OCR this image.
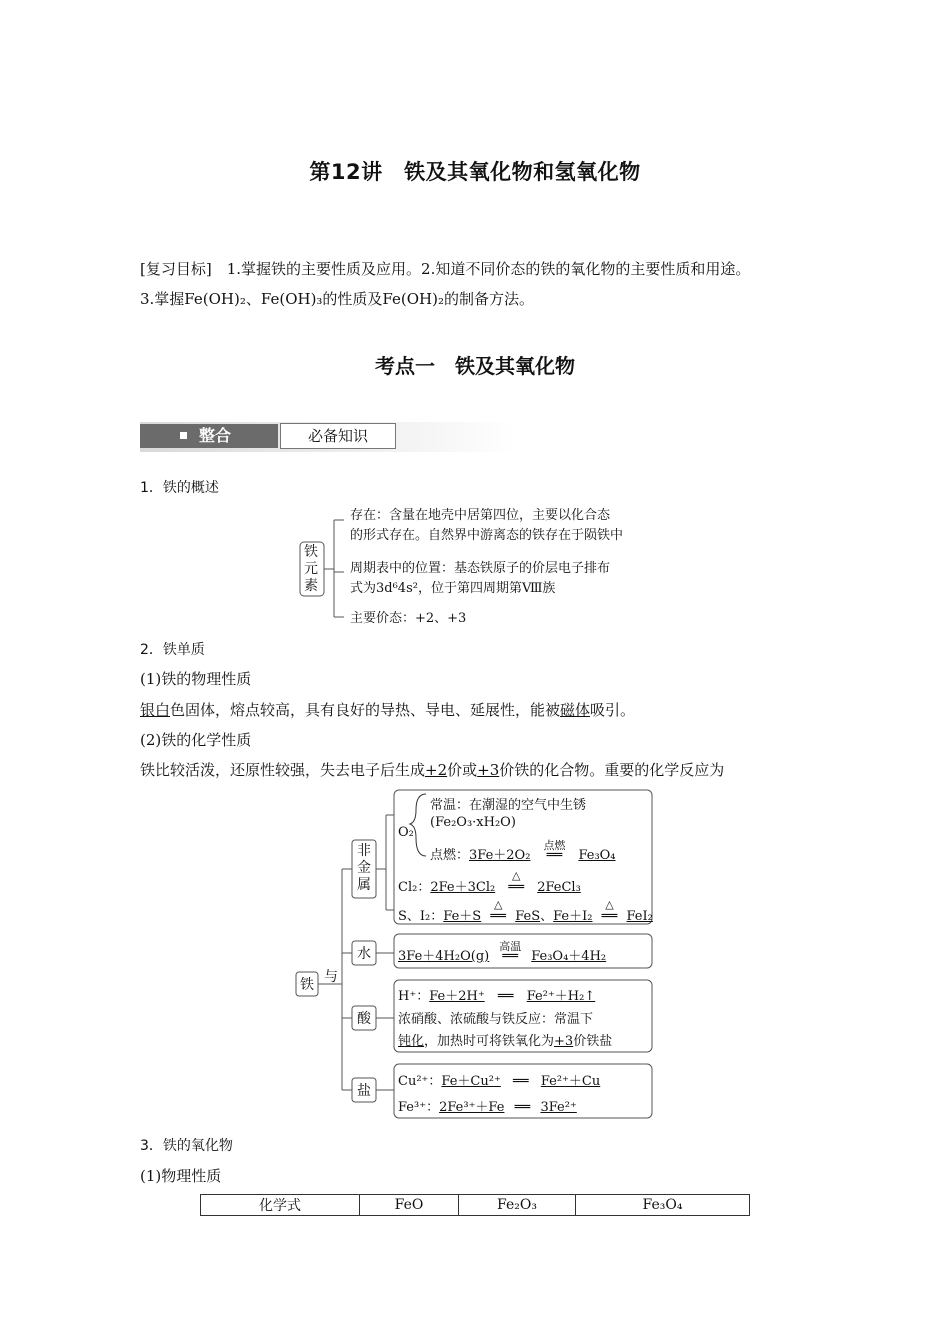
第12讲　铁及其氧化物和氢氧化物
[复习目标]　 1.掌握铁的主要性质及应用。2.知道不同价态的铁的氧化物的主要性质和用途。
3.掌握Fe(OH)₂、Fe(OH)₃的性质及Fe(OH)₂的制备方法。
考点一　铁及其氧化物
整合	必备知识
1．铁的概述
铁元素
存在：含量在地壳中居第四位，主要以化合态
的形式存在。自然界中游离态的铁存在于陨铁中
周期表中的位置：基态铁原子的价层电子排布
式为3d⁶4s²，位于第四周期第Ⅷ族
主要价态：+2、+3
2．铁单质
(1)铁的物理性质
银白色固体，熔点较高，具有良好的导热、导电、延展性，能被磁体吸引。
(2)铁的化学性质
铁比较活泼，还原性较强，失去电子后生成+2价或+3价铁的化合物。重要的化学反应为
铁 与
非金属
水
酸
盐
O₂
常温：在潮湿的空气中生锈
(Fe₂O₃·xH₂O)
点燃：3Fe＋2O₂
点燃
══ Fe₃O₄
Cl₂：2Fe＋3Cl₂
△
══ 2FeCl₃
S、I₂：Fe＋S
△
══ FeS、Fe＋I₂
△
══ FeI₂
3Fe＋4H₂O(g)
高温
══ Fe₃O₄＋4H₂
H⁺：Fe＋2H⁺ ══ Fe²⁺＋H₂↑
浓硝酸、浓硫酸与铁反应：常温下
钝化，加热时可将铁氧化为+3价铁盐
Cu²⁺：Fe＋Cu²⁺ ══ Fe²⁺＋Cu
Fe³⁺：2Fe³⁺＋Fe ══ 3Fe²⁺
3．铁的氧化物
(1)物理性质
化学式	FeO	Fe₂O₃	Fe₃O₄
